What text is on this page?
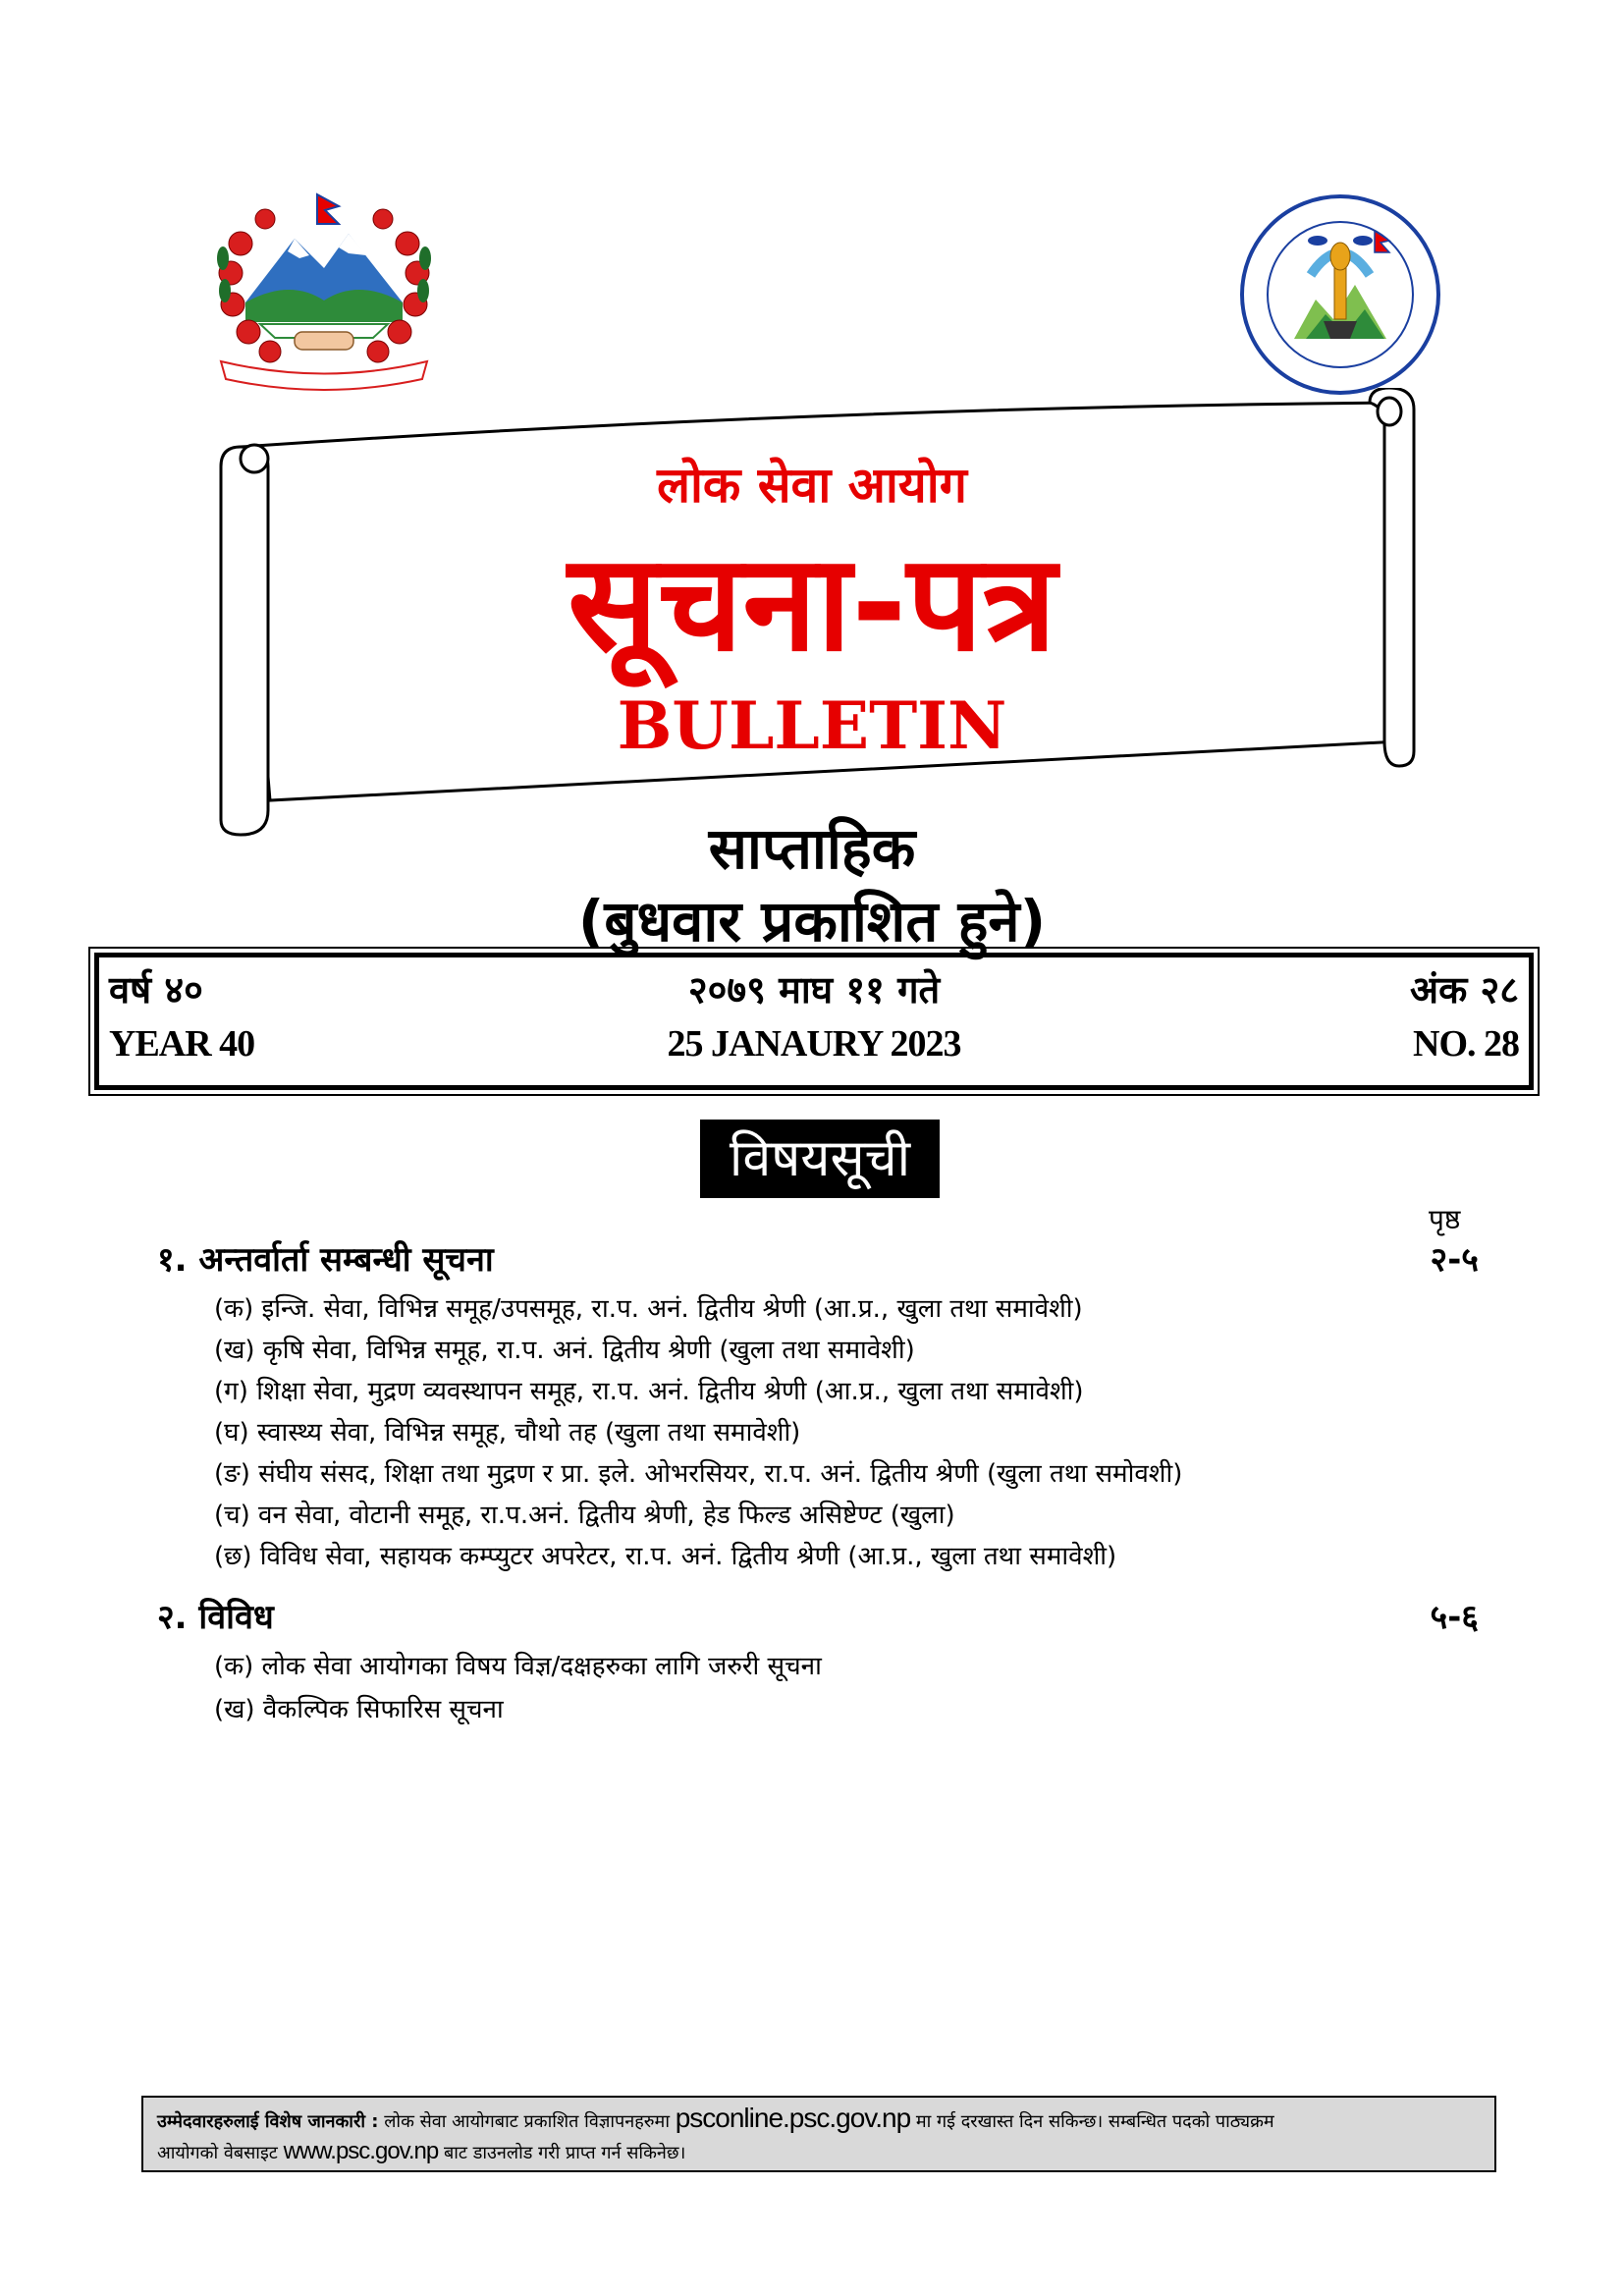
लोक सेवा आयोग
सूचना-पत्र
BULLETIN
साप्ताहिक
(बुधवार प्रकाशित हुने)
वर्ष ४०	२०७९ माघ ११ गते	अंक २८
YEAR 40	25 JANAURY 2023	NO. 28
विषयसूची
पृष्ठ
१. अन्तर्वार्ता सम्बन्धी सूचना	२-५
(क) इन्जि. सेवा, विभिन्न समूह/उपसमूह, रा.प. अनं. द्वितीय श्रेणी (आ.प्र., खुला तथा समावेशी)
(ख) कृषि सेवा, विभिन्न समूह, रा.प. अनं. द्वितीय श्रेणी (खुला तथा समावेशी)
(ग) शिक्षा सेवा, मुद्रण व्यवस्थापन समूह, रा.प. अनं. द्वितीय श्रेणी (आ.प्र., खुला तथा समावेशी)
(घ) स्वास्थ्य सेवा, विभिन्न समूह, चौथो तह (खुला तथा समावेशी)
(ङ) संघीय संसद, शिक्षा तथा मुद्रण र प्रा. इले. ओभरसियर, रा.प. अनं. द्वितीय श्रेणी (खुला तथा समोवशी)
(च) वन सेवा, वोटानी समूह, रा.प.अनं. द्वितीय श्रेणी, हेड फिल्ड असिष्टेण्ट (खुला)
(छ) विविध सेवा, सहायक कम्प्युटर अपरेटर, रा.प. अनं. द्वितीय श्रेणी (आ.प्र., खुला तथा समावेशी)
२. विविध	५-६
(क) लोक सेवा आयोगका विषय विज्ञ/दक्षहरुका लागि जरुरी सूचना
(ख) वैकल्पिक सिफारिस सूचना
उम्मेदवारहरुलाई विशेष जानकारी : लोक सेवा आयोगबाट प्रकाशित विज्ञापनहरुमा psconline.psc.gov.np मा गई दरखास्त दिन सकिन्छ। सम्बन्धित पदको पाठ्यक्रम
आयोगको वेबसाइट www.psc.gov.np बाट डाउनलोड गरी प्राप्त गर्न सकिनेछ।
